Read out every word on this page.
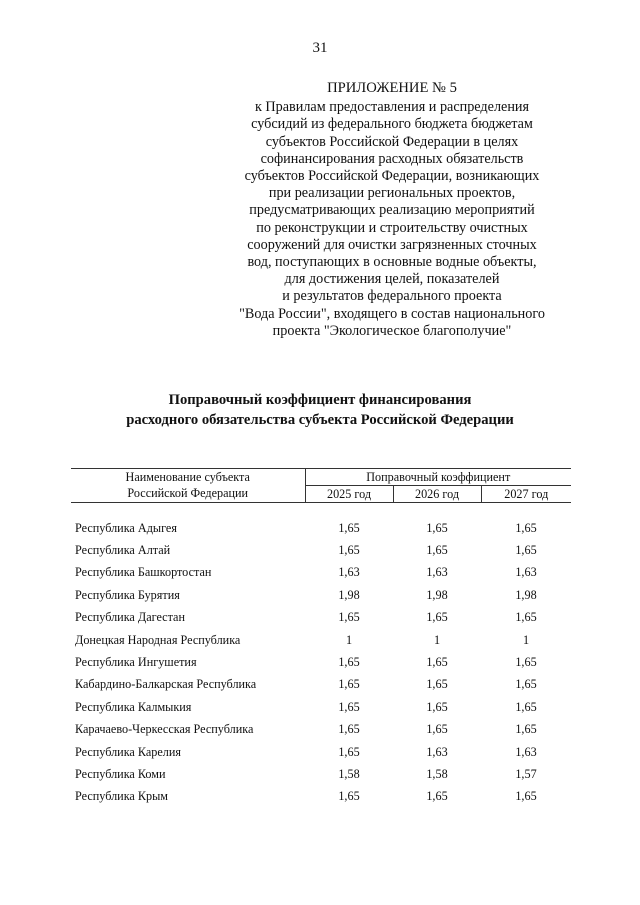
31
ПРИЛОЖЕНИЕ № 5
к Правилам предоставления и распределения
субсидий из федерального бюджета бюджетам
субъектов Российской Федерации в целях
софинансирования расходных обязательств
субъектов Российской Федерации, возникающих
при реализации региональных проектов,
предусматривающих реализацию мероприятий
по реконструкции и строительству очистных
сооружений для очистки загрязненных сточных
вод, поступающих в основные водные объекты,
для достижения целей, показателей
и результатов федерального проекта
"Вода России", входящего в состав национального
проекта "Экологическое благополучие"
Поправочный коэффициент финансирования
расходного обязательства субъекта Российской Федерации
Наименование субъекта	Поправочный коэффициент		
Российской Федерации	2025 год	2026 год	2027 год

Республика Адыгея	1,65	1,65	1,65
Республика Алтай	1,65	1,65	1,65
Республика Башкортостан	1,63	1,63	1,63
Республика Бурятия	1,98	1,98	1,98
Республика Дагестан	1,65	1,65	1,65
Донецкая Народная Республика	1	1	1
Республика Ингушетия	1,65	1,65	1,65
Кабардино-Балкарская Республика	1,65	1,65	1,65
Республика Калмыкия	1,65	1,65	1,65
Карачаево-Черкесская Республика	1,65	1,65	1,65
Республика Карелия	1,65	1,63	1,63
Республика Коми	1,58	1,58	1,57
Республика Крым	1,65	1,65	1,65
